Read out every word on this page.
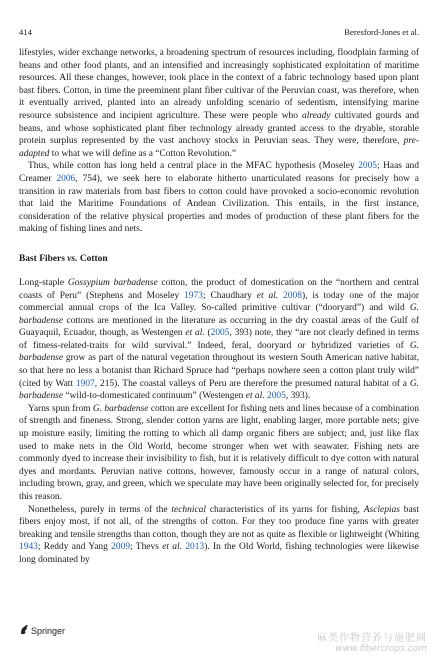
414	Beresford-Jones et al.

lifestyles, wider exchange networks, a broadening spectrum of resources including, floodplain farming of beans and other food plants, and an intensified and increasingly sophisticated exploitation of maritime resources. All these changes, however, took place in the context of a fabric technology based upon plant bast fibers. Cotton, in time the preeminent plant fiber cultivar of the Peruvian coast, was therefore, when it eventually arrived, planted into an already unfolding scenario of sedentism, intensifying marine resource subsistence and incipient agriculture. These were people who already cultivated gourds and beans, and whose sophisticated plant fiber technology already granted access to the dryable, storable protein surplus represented by the vast anchovy stocks in Peruvian seas. They were, therefore, pre-adapted to what we will define as a “Cotton Revolution.”

Thus, while cotton has long held a central place in the MFAC hypothesis (Moseley 2005; Haas and Creamer 2006, 754), we seek here to elaborate hitherto unarticulated reasons for precisely how a transition in raw materials from bast fibers to cotton could have provoked a socio-economic revolution that laid the Maritime Foundations of Andean Civilization. This entails, in the first instance, consideration of the relative physical properties and modes of production of these plant fibers for the making of fishing lines and nets.

Bast Fibers vs. Cotton

Long-staple Gossypium barbadense cotton, the product of domestication on the “northern and central coasts of Peru” (Stephens and Moseley 1973; Chaudhary et al. 2008), is today one of the major commercial annual crops of the Ica Valley. So-called primitive cultivar (“dooryard”) and wild G. barbadense cottons are mentioned in the literature as occurring in the dry coastal areas of the Gulf of Guayaquil, Ecuador, though, as Westengen et al. (2005, 393) note, they “are not clearly defined in terms of fitness-related-traits for wild survival.” Indeed, feral, dooryard or hybridized varieties of G. barbadense grow as part of the natural vegetation throughout its western South American native habitat, so that here no less a botanist than Richard Spruce had “perhaps nowhere seen a cotton plant truly wild” (cited by Watt 1907, 215). The coastal valleys of Peru are therefore the presumed natural habitat of a G. barbadense “wild-to-domesticated continuum” (Westengen et al. 2005, 393).

Yarns spun from G. barbadense cotton are excellent for fishing nets and lines because of a combination of strength and fineness. Strong, slender cotton yarns are light, enabling larger, more portable nets; give up moisture easily, limiting the rotting to which all damp organic fibers are subject; and, just like flax used to make nets in the Old World, become stronger when wet with seawater. Fishing nets are commonly dyed to increase their invisibility to fish, but it is relatively difficult to dye cotton with natural dyes and mordants. Peruvian native cottons, however, famously occur in a range of natural colors, including brown, gray, and green, which we speculate may have been originally selected for, for precisely this reason.

Nonetheless, purely in terms of the technical characteristics of its yarns for fishing, Asclepias bast fibers enjoy most, if not all, of the strengths of cotton. For they too produce fine yarns with greater breaking and tensile strengths than cotton, though they are not as quite as flexible or lightweight (Whiting 1943; Reddy and Yang 2009; Thevs et al. 2013). In the Old World, fishing technologies were likewise long dominated by

Springer
麻类作物营养与施肥网
www.fibercrops.com
